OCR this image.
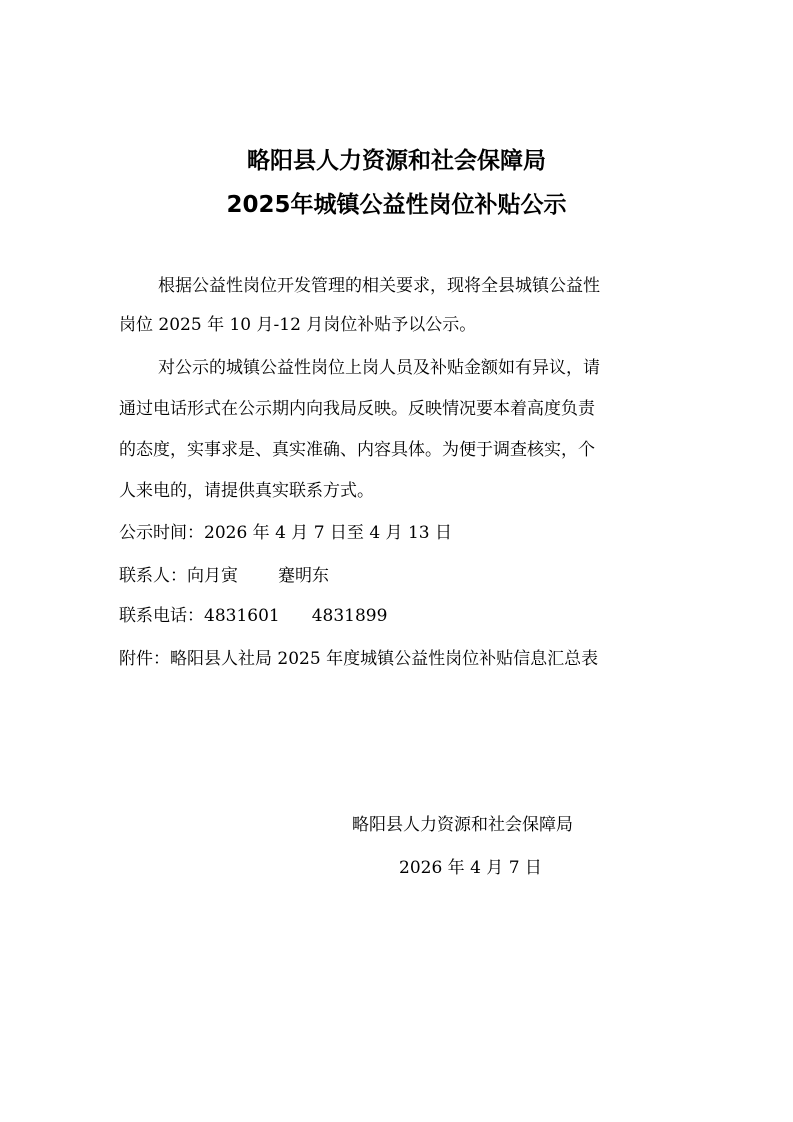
略阳县人力资源和社会保障局
2025年城镇公益性岗位补贴公示
根据公益性岗位开发管理的相关要求，现将全县城镇公益性
岗位 2025 年 10 月-12 月岗位补贴予以公示。
对公示的城镇公益性岗位上岗人员及补贴金额如有异议，请
通过电话形式在公示期内向我局反映。反映情况要本着高度负责
的态度，实事求是、真实准确、内容具体。为便于调查核实，个
人来电的，请提供真实联系方式。
公示时间：2026 年 4 月 7 日至 4 月 13 日
联系人：向月寅 蹇明东
联系电话：4831601 4831899
附件：略阳县人社局 2025 年度城镇公益性岗位补贴信息汇总表
略阳县人力资源和社会保障局
2026 年 4 月 7 日
